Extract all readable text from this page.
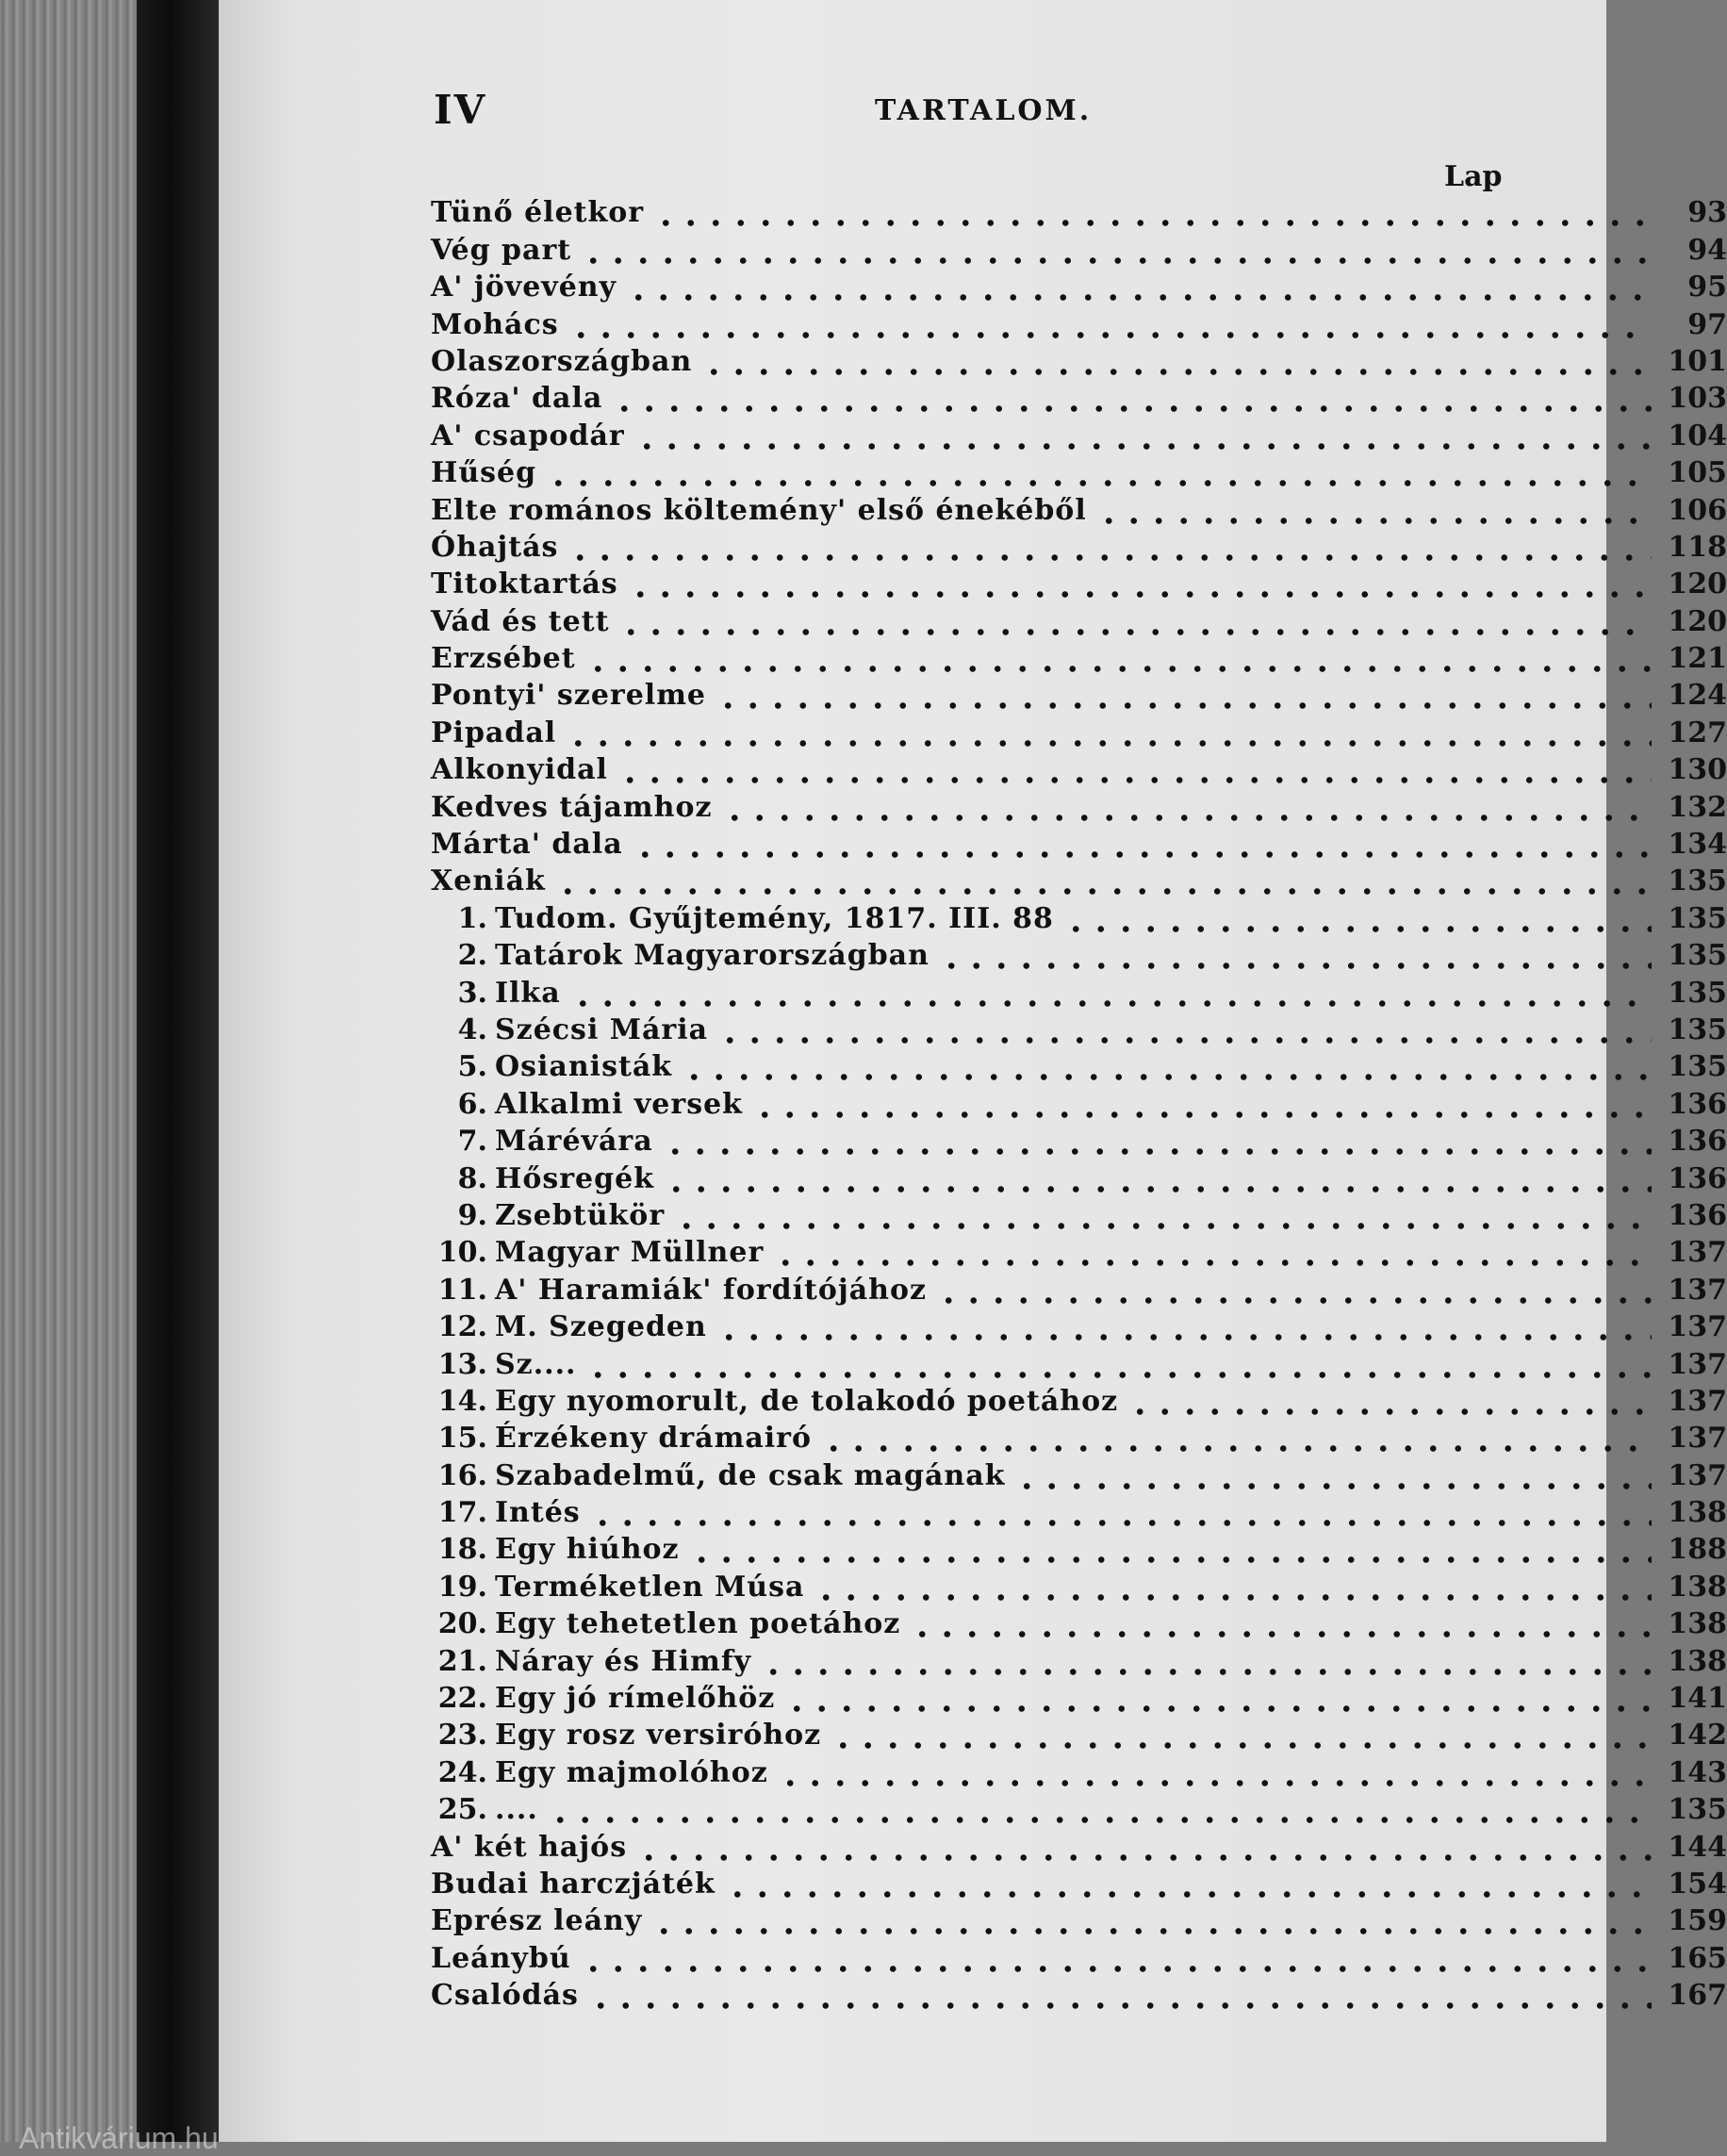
IV	TARTALOM.
Lap
Tünő életkor	93
Vég part	94
A' jövevény	95
Mohács	97
Olaszországban	101
Róza' dala	103
A' csapodár	104
Hűség	105
Elte romános költemény' első énekéből	106
Óhajtás	118
Titoktartás	120
Vád és tett	120
Erzsébet	121
Pontyi' szerelme	124
Pipadal	127
Alkonyidal	130
Kedves tájamhoz	132
Márta' dala	134
Xeniák	135
1. Tudom. Gyűjtemény, 1817. III. 88	135
2. Tatárok Magyarországban	135
3. Ilka	135
4. Szécsi Mária	135
5. Osianisták	135
6. Alkalmi versek	136
7. Márévára	136
8. Hősregék	136
9. Zsebtükör	136
10. Magyar Müllner	137
11. A' Haramiák' fordítójához	137
12. M. Szegeden	137
13. Sz....	137
14. Egy nyomorult, de tolakodó poetához	137
15. Érzékeny drámairó	137
16. Szabadelmű, de csak magának	137
17. Intés	138
18. Egy hiúhoz	188
19. Terméketlen Músa	138
20. Egy tehetetlen poetához	138
21. Náray és Himfy	138
22. Egy jó rímelőhöz	141
23. Egy rosz versiróhoz	142
24. Egy majmolóhoz	143
25. ....	135
A' két hajós	144
Budai harczjáték	154
Eprész leány	159
Leánybú	165
Csalódás	167
Antikvárium.hu
